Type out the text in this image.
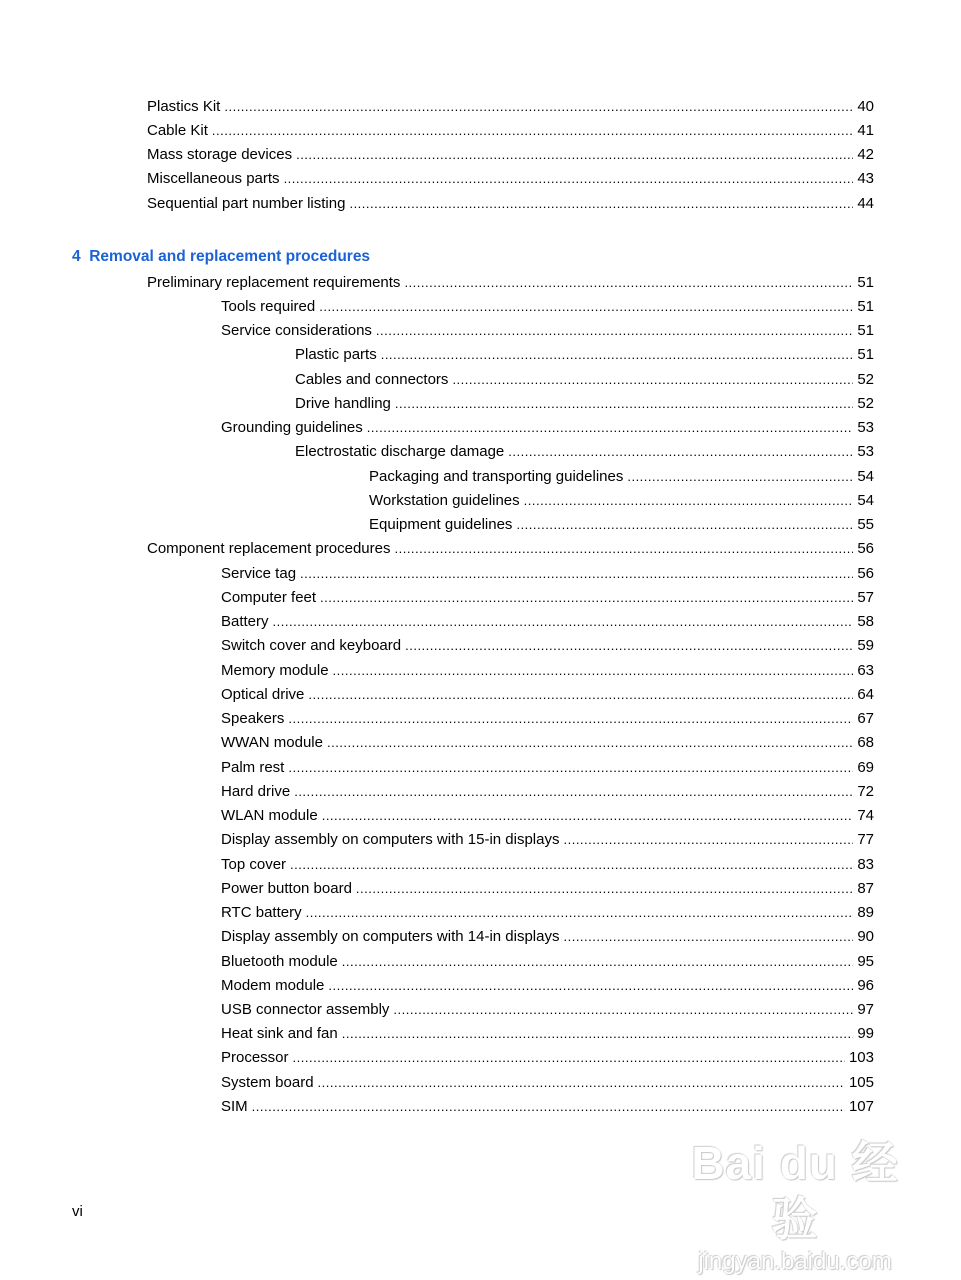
Plastics Kit .....	40
Cable Kit .....	41
Mass storage devices .....	42
Miscellaneous parts .....	43
Sequential part number listing .....	44
4  Removal and replacement procedures
Preliminary replacement requirements .....	51
Tools required .....	51
Service considerations .....	51
Plastic parts .....	51
Cables and connectors .....	52
Drive handling .....	52
Grounding guidelines .....	53
Electrostatic discharge damage .....	53
Packaging and transporting guidelines .....	54
Workstation guidelines .....	54
Equipment guidelines .....	55
Component replacement procedures .....	56
Service tag .....	56
Computer feet .....	57
Battery .....	58
Switch cover and keyboard .....	59
Memory module .....	63
Optical drive .....	64
Speakers .....	67
WWAN module .....	68
Palm rest .....	69
Hard drive .....	72
WLAN module .....	74
Display assembly on computers with 15-in displays .....	77
Top cover .....	83
Power button board .....	87
RTC battery .....	89
Display assembly on computers with 14-in displays .....	90
Bluetooth module .....	95
Modem module .....	96
USB connector assembly .....	97
Heat sink and fan .....	99
Processor .....	103
System board .....	105
SIM .....	107
vi
Bai du 经验
jingyan.baidu.com
